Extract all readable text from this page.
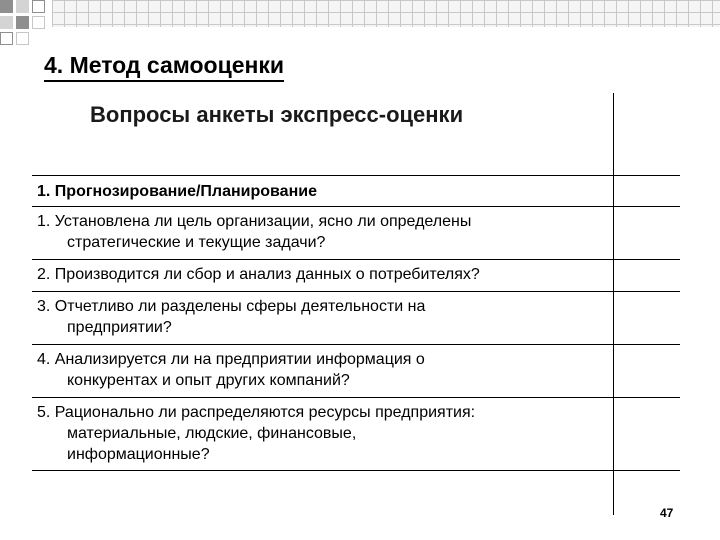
4. Метод самооценки
Вопросы анкеты экспресс-оценки
1. Прогнозирование/Планирование
1. Установлена ли цель организации, ясно ли определены
стратегические и текущие задачи?
2. Производится ли сбор и анализ данных о потребителях?
3. Отчетливо ли разделены сферы деятельности на
предприятии?
4. Анализируется ли на предприятии информация о
конкурентах и опыт других компаний?
5. Рационально ли распределяются ресурсы предприятия:
материальные, людские, финансовые,
информационные?
47
